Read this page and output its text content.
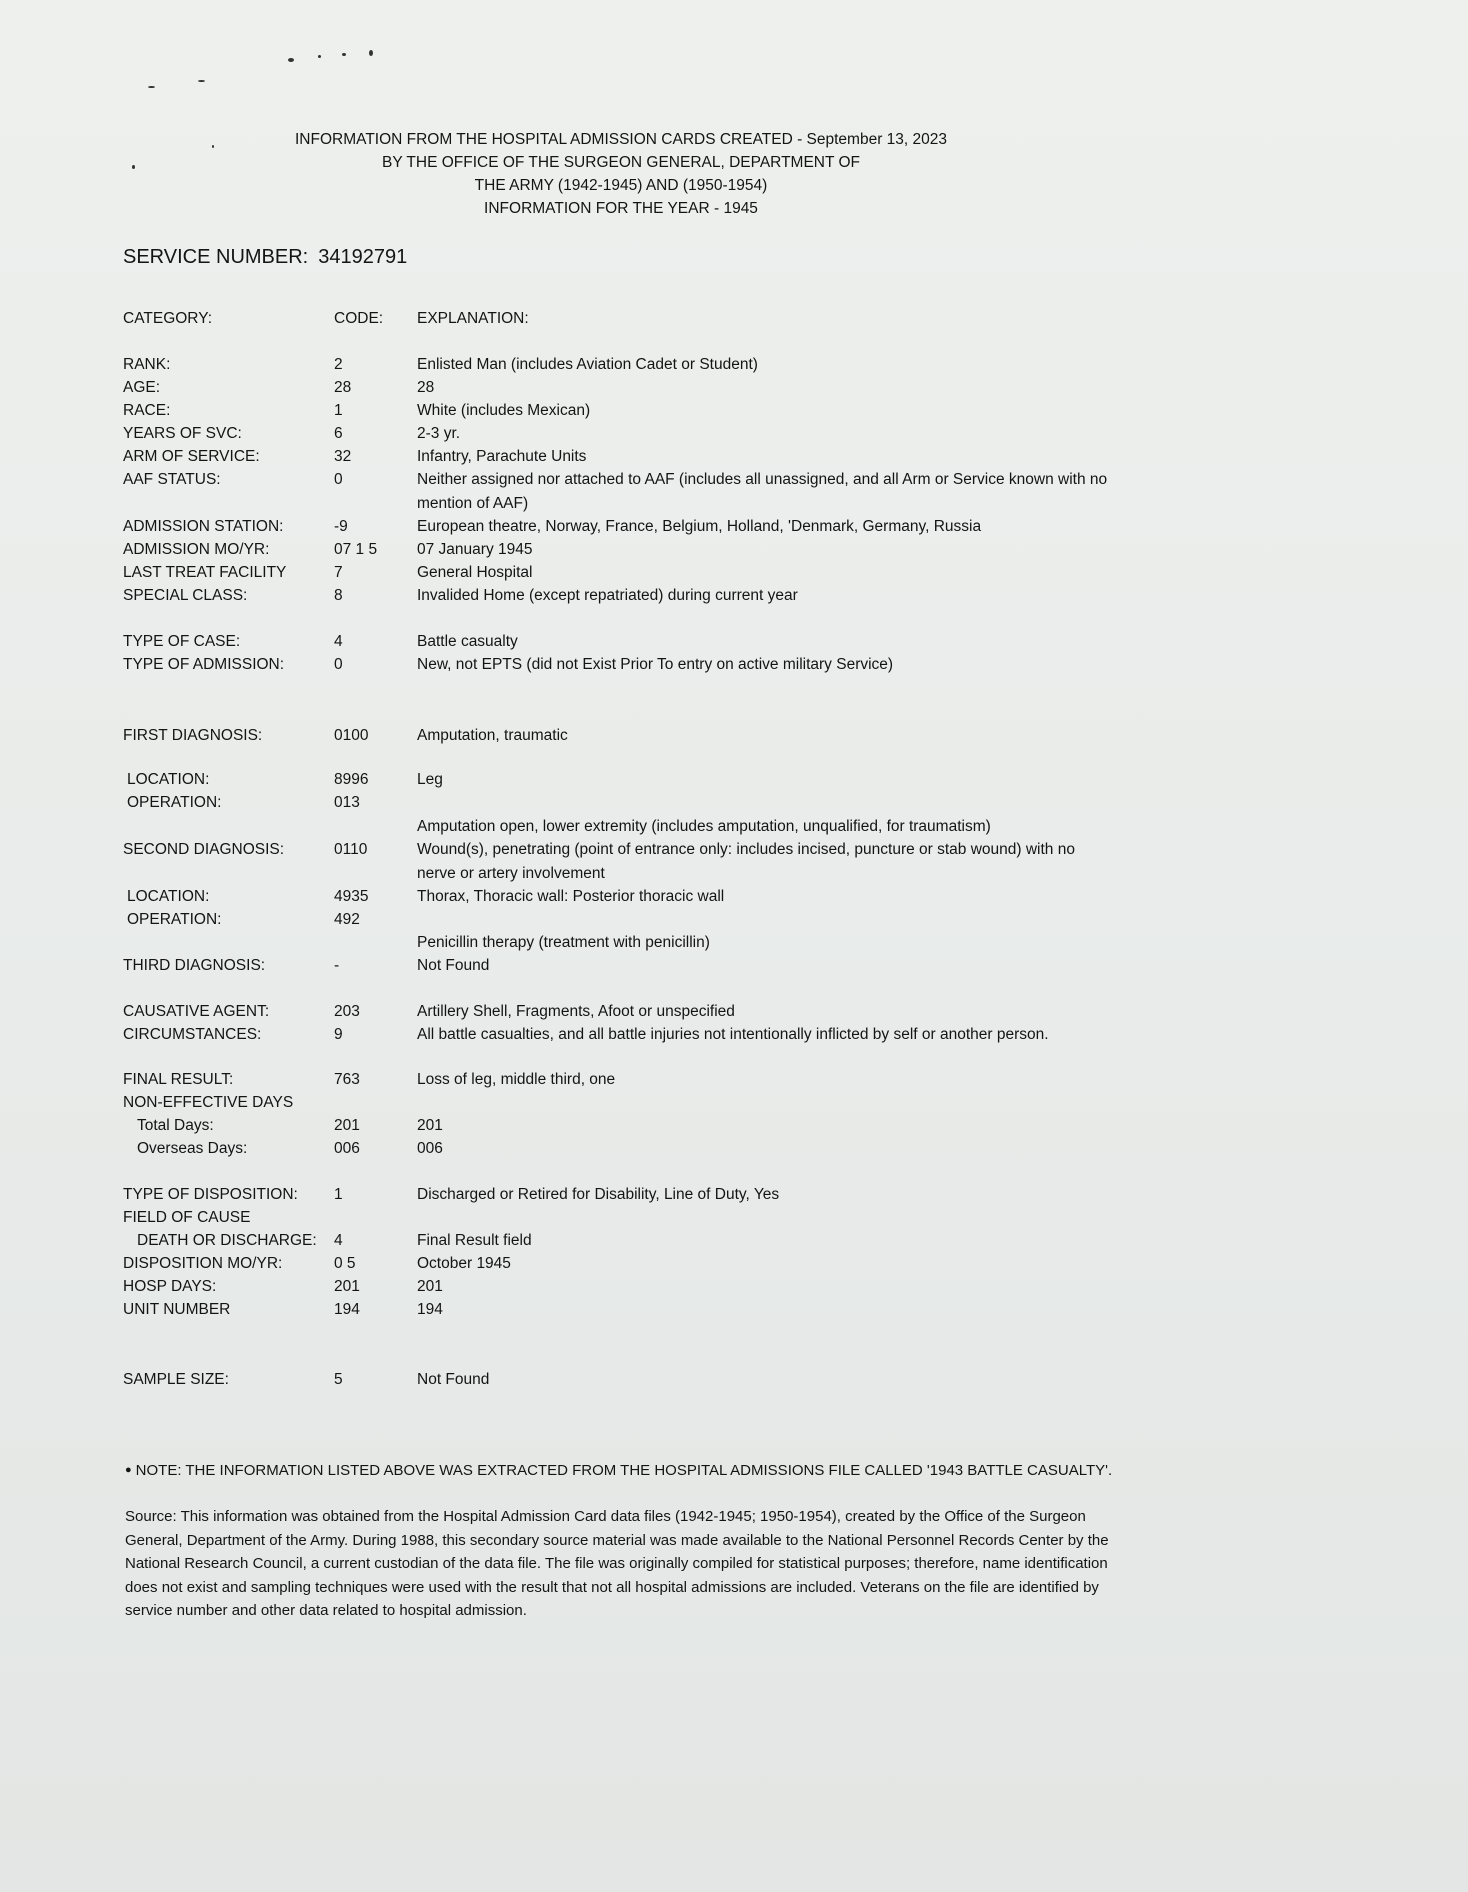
INFORMATION FROM THE HOSPITAL ADMISSION CARDS CREATED - September 13, 2023
BY THE OFFICE OF THE SURGEON GENERAL, DEPARTMENT OF
THE ARMY (1942-1945) AND (1950-1954)
INFORMATION FOR THE YEAR - 1945
SERVICE NUMBER: 34192791
CATEGORY:	CODE: EXPLANATION:
RANK:	2	Enlisted Man (includes Aviation Cadet or Student)
AGE:	28	28
RACE:	1	White (includes Mexican)
YEARS OF SVC:	6	2-3 yr.
ARM OF SERVICE:	32	Infantry, Parachute Units
AAF STATUS:	0	Neither assigned nor attached to AAF (includes all unassigned, and all Arm or Service known with no mention of AAF)
ADMISSION STATION:	-9	European theatre, Norway, France, Belgium, Holland, 'Denmark, Germany, Russia
ADMISSION MO/YR:	07 1 5	07 January 1945
LAST TREAT FACILITY	7	General Hospital
SPECIAL CLASS:	8	Invalided Home (except repatriated) during current year
TYPE OF CASE:	4	Battle casualty
TYPE OF ADMISSION:	0	New, not EPTS (did not Exist Prior To entry on active military Service)
FIRST DIAGNOSIS:	0100	Amputation, traumatic
LOCATION:	8996	Leg
OPERATION:	013
Amputation open, lower extremity (includes amputation, unqualified, for traumatism)
SECOND DIAGNOSIS:	0110	Wound(s), penetrating (point of entrance only: includes incised, puncture or stab wound) with no nerve or artery involvement
LOCATION:	4935	Thorax, Thoracic wall: Posterior thoracic wall
OPERATION:	492
Penicillin therapy (treatment with penicillin)
THIRD DIAGNOSIS:	-	Not Found
CAUSATIVE AGENT:	203	Artillery Shell, Fragments, Afoot or unspecified
CIRCUMSTANCES:	9	All battle casualties, and all battle injuries not intentionally inflicted by self or another person.
FINAL RESULT:	763	Loss of leg, middle third, one
NON-EFFECTIVE DAYS
Total Days:	201	201
Overseas Days:	006	006
TYPE OF DISPOSITION: 1	Discharged or Retired for Disability, Line of Duty, Yes
FIELD OF CAUSE
DEATH OR DISCHARGE: 4	Final Result field
DISPOSITION MO/YR:	0 5	October 1945
HOSP DAYS:	201	201
UNIT NUMBER	194	194
SAMPLE SIZE:	5	Not Found
● NOTE: THE INFORMATION LISTED ABOVE WAS EXTRACTED FROM THE HOSPITAL ADMISSIONS FILE CALLED '1943 BATTLE CASUALTY'.
Source: This information was obtained from the Hospital Admission Card data files (1942-1945; 1950-1954), created by the Office of the Surgeon General, Department of the Army. During 1988, this secondary source material was made available to the National Personnel Records Center by the National Research Council, a current custodian of the data file. The file was originally compiled for statistical purposes; therefore, name identification does not exist and sampling techniques were used with the result that not all hospital admissions are included. Veterans on the file are identified by service number and other data related to hospital admission.
